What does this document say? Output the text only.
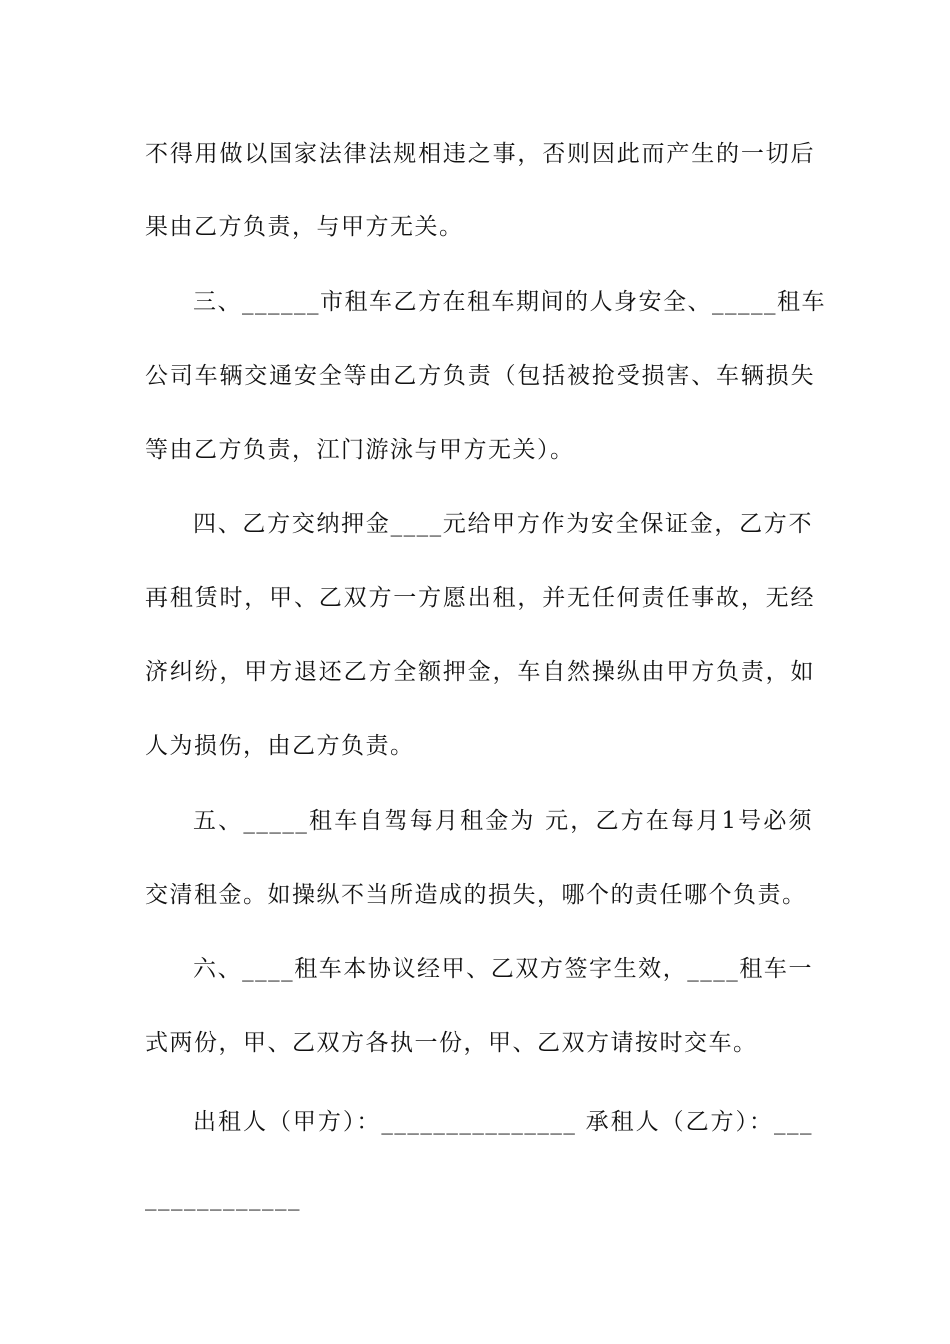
不得用做以国家法律法规相违之事，否则因此而产生的一切后
果由乙方负责，与甲方无关。
三、______市租车乙方在租车期间的人身安全、_____租车
公司车辆交通安全等由乙方负责（包括被抢受损害、车辆损失
等由乙方负责，江门游泳与甲方无关）。
四、乙方交纳押金____元给甲方作为安全保证金，乙方不
再租赁时，甲、乙双方一方愿出租，并无任何责任事故，无经
济纠纷，甲方退还乙方全额押金，车自然操纵由甲方负责，如
人为损伤，由乙方负责。
五、_____租车自驾每月租金为 元，乙方在每月1号必须
交清租金。如操纵不当所造成的损失，哪个的责任哪个负责。
六、____租车本协议经甲、乙双方签字生效，____租车一
式两份，甲、乙双方各执一份，甲、乙双方请按时交车。
出租人（甲方）：_______________ 承租人（乙方）：___
____________
